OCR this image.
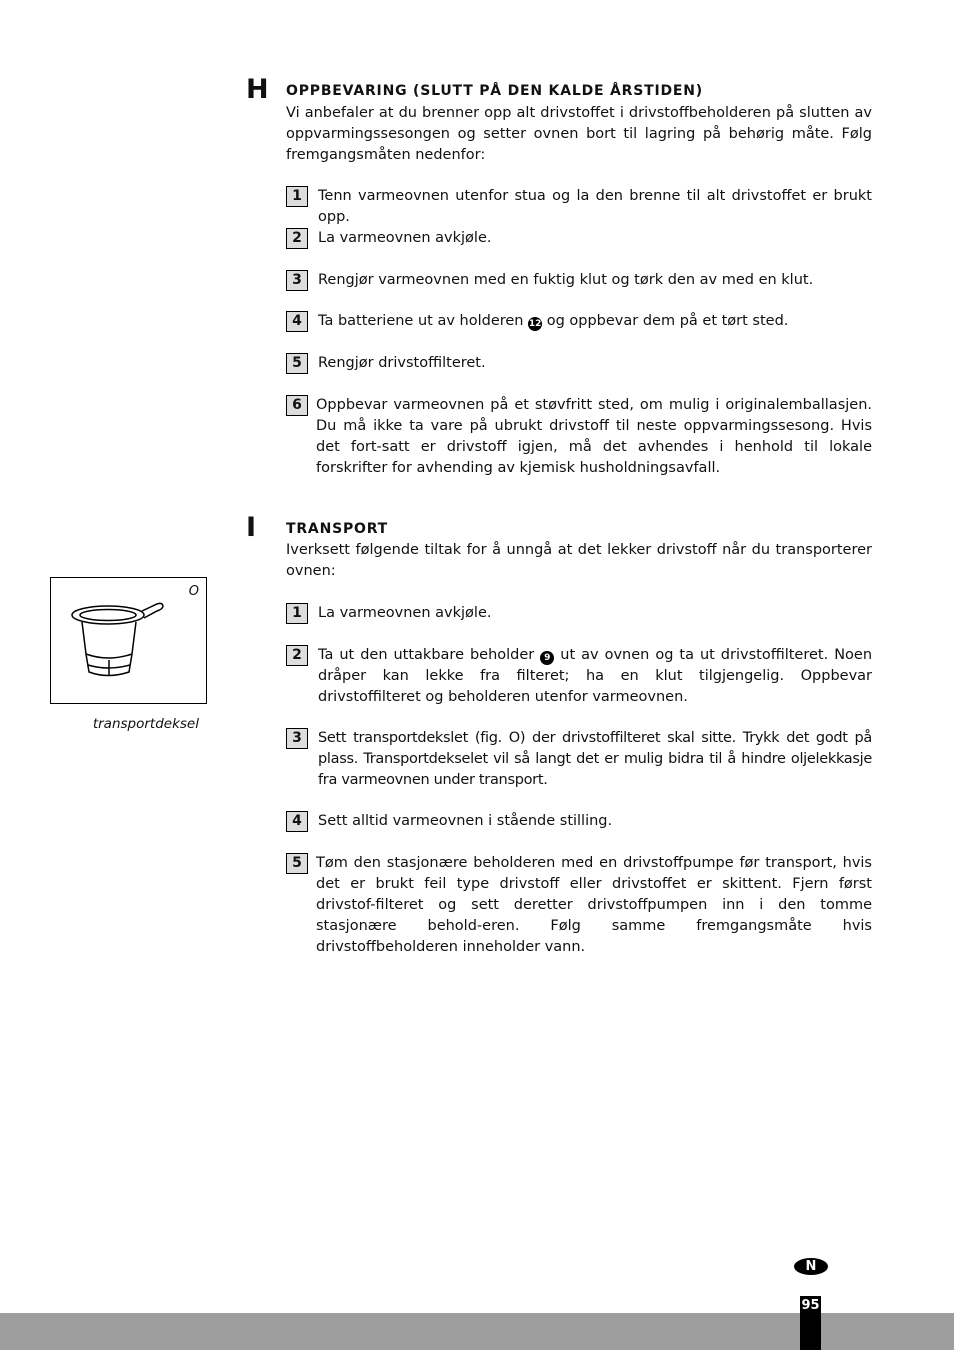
H OPPBEVARING (SLUTT PÅ DEN KALDE ÅRSTIDEN)
Vi anbefaler at du brenner opp alt drivstoffet i drivstoffbeholderen på slutten av oppvarmingssesongen og setter ovnen bort til lagring på behørig måte. Følg fremgangsmåten nedenfor:
1	Tenn varmeovnen utenfor stua og la den brenne til alt drivstoffet er brukt opp.
2	La varmeovnen avkjøle.
3	Rengjør varmeovnen med en fuktig klut og tørk den av med en klut.
4	Ta batteriene ut av holderen 12 og oppbevar dem på et tørt sted.
5	Rengjør drivstoffilteret.
6 Oppbevar varmeovnen på et støvfritt sted, om mulig i originalemballasjen. Du må ikke ta vare på ubrukt drivstoff til neste oppvarmingssesong. Hvis det fort-satt er drivstoff igjen, må det avhendes i henhold til lokale forskrifter for avhending av kjemisk husholdningsavfall.
I TRANSPORT
Iverksett følgende tiltak for å unngå at det lekker drivstoff når du transporterer ovnen:
1	La varmeovnen avkjøle.
2	Ta ut den uttakbare beholder 9 ut av ovnen og ta ut drivstoffilteret. Noen dråper kan lekke fra filteret; ha en klut tilgjengelig. Oppbevar drivstoffilteret og beholderen utenfor varmeovnen.
3	Sett transportdekslet (fig. O) der drivstoffilteret skal sitte. Trykk det godt på plass. Transportdekselet vil så langt det er mulig bidra til å hindre oljelekkasje fra varmeovnen under transport.
4	Sett alltid varmeovnen i stående stilling.
5 Tøm den stasjonære beholderen med en drivstoffpumpe før transport, hvis det er brukt feil type drivstoff eller drivstoffet er skittent. Fjern først drivstof-filteret og sett deretter drivstoffpumpen inn i den tomme stasjonære behold-eren. Følg samme fremgangsmåte hvis drivstoffbeholderen inneholder vann.
O
transportdeksel
N
95
